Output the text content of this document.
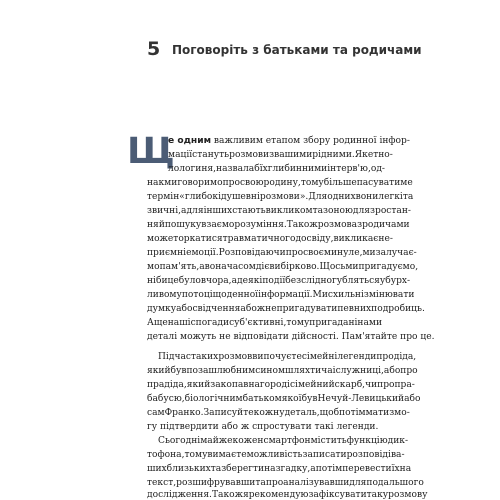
5 Поговоріть з батьками та родичами
Щ
е одним важливим етапом збору родинної інфор-
мації стануть розмови з вашими рідними. Як етно-
лологиня, назвала б їх глибинними інтерв'ю, од-
нак ми говоримо про свою родину, тому більше пасуватиме
термін «глибокі душевні розмови». Для одних вони легкі та
звичні, а для інших стають викликом та зоною для зростан-
ня й пошуку взаєморозуміння. Також розмова з родичами
може торкатися травматичного досвіду, викликає не-
приємні емоції. Розповідаючи про своє минуле, ми залучає-
мо пам'ять, а вона часом діє вибірково. Щось ми пригадуємо,
ніби це було вчора, а деякі події безслідно губляться у бурх-
ливому потоці щоденної інформації. Ми схильні змінювати
думку або свідчення або ж не пригадувати певних подробиць.
А ще наші спогади суб'єктивні, тому пригадані нами
деталі можуть не відповідати дійсності. Пам'ятайте про це.
Під час таких розмов ви почуєте сімейні легенди про діда,
який був позашлюбним сином шляхтича і служниці, або про
прадіда, який закопав на городі сімейний скарб, чи про пра-
бабусю, біологічним батьком якої був Нечуй-Левицький або
сам Франко. Записуйте кожну деталь, щоб потім мати змо-
гу підтвердити або ж спростувати такі легенди.
Сьогодні майже кожен смартфон містить функцію дик-
тофона, тому ви маєте можливість записати розповіді ва-
ших близьких та зберегти на згадку, а потім перевести їх на
текст, розшифрувавши та проаналізувавши для подальшого
дослідження. Також я рекомендую зафіксувати таку розмову
